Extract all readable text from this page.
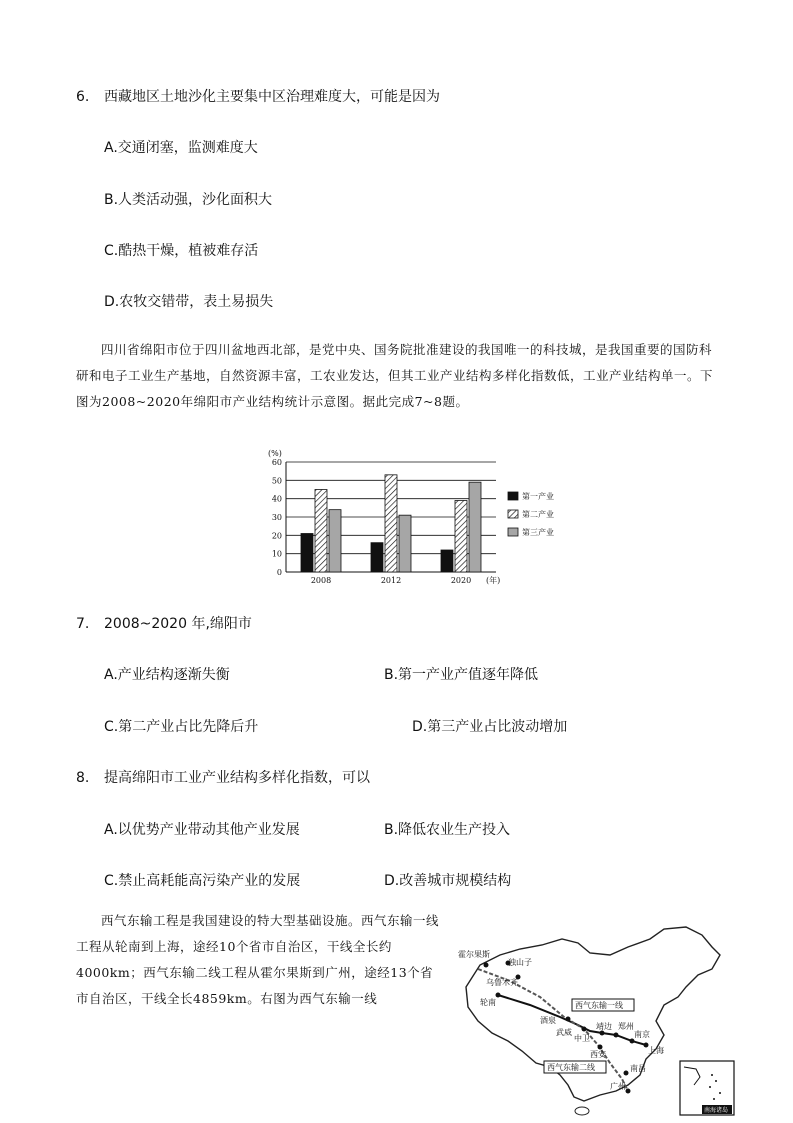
6. 西藏地区土地沙化主要集中区治理难度大，可能是因为
A.交通闭塞，监测难度大
B.人类活动强，沙化面积大
C.酷热干燥，植被难存活
D.农牧交错带，表土易损失
四川省绵阳市位于四川盆地西北部，是党中央、国务院批准建设的我国唯一的科技城，是我国重要的国防科研和电子工业生产基地，自然资源丰富，工农业发达，但其工业产业结构多样化指数低，工业产业结构单一。下图为2008~2020年绵阳市产业结构统计示意图。据此完成7~8题。
0
10
20
30
40
50
60
(%)
2008	2012	2020 (年)
第一产业
第二产业
第三产业
7. 2008~2020 年,绵阳市
A.产业结构逐渐失衡	B.第一产业产值逐年降低
C.第二产业占比先降后升	D.第三产业占比波动增加
8. 提高绵阳市工业产业结构多样化指数，可以
A.以优势产业带动其他产业发展	B.降低农业生产投入
C.禁止高耗能高污染产业的发展	D.改善城市规模结构
西气东输工程是我国建设的特大型基础设施。西气东输一线工程从轮南到上海，途经10个省市自治区，干线全长约4000km；西气东输二线工程从霍尔果斯到广州，途经13个省市自治区，干线全长4859km。右图为西气东输一线
霍尔果斯
独山子
乌鲁木齐
轮南
酒泉
武威
中卫
靖边 郑州
南京
上海
西安
南昌
广州
西气东输一线
西气东输二线
南海诸岛
